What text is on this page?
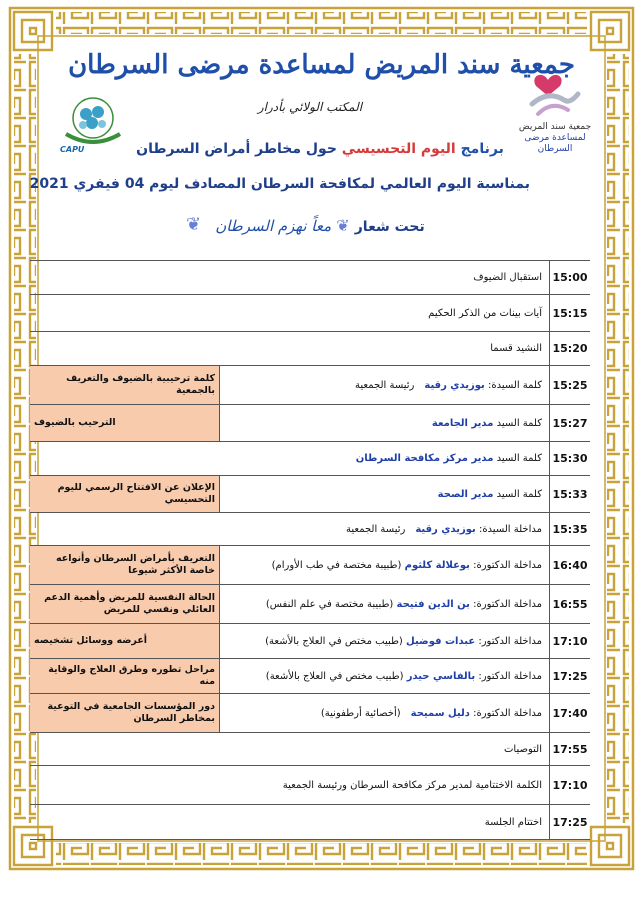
CAPU
جمعية سند المريض
لمساعدة مرضى السرطان
جمعية سند المريض لمساعدة مرضى السرطان
المكتب الولائي بأدرار
برنامج اليوم التحسيسي حول مخاطر أمراض السرطان
بمناسبة اليوم العالمي لمكافحة السرطان المصادف ليوم 04 فيفري 2021
❦	تحت شعار ❦ معاً نهزم السرطان
15:00
استقبال الضيوف
15:15
آيات بينات من الذكر الحكيم
15:20
النشيد قسما
15:25
كلمة السيدة:

بوزيدي رقية
رئيسة الجمعية
كلمة ترحيبية بالضيوف والتعريف بالجمعية
15:27
كلمة السيد

مدير الجامعة
الترحيب بالضيوف
15:30
كلمة السيد

مدير مركز مكافحة السرطان
15:33
كلمة السيد

مدير الصحة
الإعلان عن الافتتاح الرسمي لليوم التحسيسي
15:35
مداخلة السيدة:

بوزيدي رقية
رئيسة الجمعية
16:40
مداخلة الدكتورة:

بوعلالة كلثوم

(طبيبة مختصة في طب الأورام)
التعريف بأمراض السرطان وأنواعه خاصة الأكثر شيوعا
16:55
مداخلة الدكتورة:

بن الدين فتيحة

(طبيبة مختصة في علم النفس)
الحالة النفسية للمريض وأهمية الدعم العائلي ونفسي للمريض
17:10
مداخلة الدكتور:

عبدات فوضيل

(طبيب مختص في العلاج بالأشعة)
أعرضه ووسائل تشخيصه
17:25
مداخلة الدكتور:

بالفاسي حيدر

(طبيب مختص في العلاج بالأشعة)
مراحل تطوره وطرق العلاج والوقاية منه
17:40
مداخلة الدكتورة:

دليل سميحة
(أخصائية أرطفونية)
دور المؤسسات الجامعية في التوعية بمخاطر السرطان
17:55
التوصيات
17:10
الكلمة الاختتامية لمدير مركز مكافحة السرطان ورئيسة الجمعية
17:25
اختتام الجلسة
